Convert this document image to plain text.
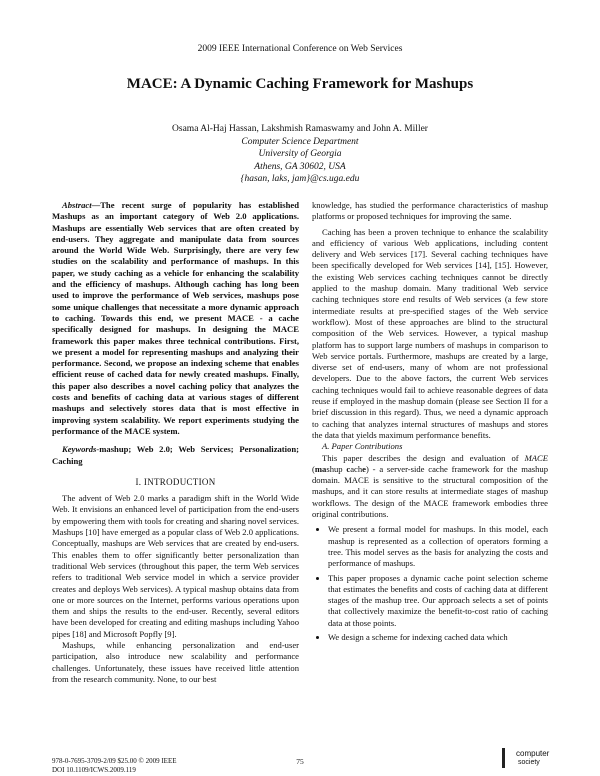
2009 IEEE International Conference on Web Services
MACE: A Dynamic Caching Framework for Mashups
Osama Al-Haj Hassan, Lakshmish Ramaswamy and John A. Miller
Computer Science Department
University of Georgia
Athens, GA 30602, USA
{hasan, laks, jam}@cs.uga.edu

Abstract—The recent surge of popularity has established Mashups as an important category of Web 2.0 applications. Mashups are essentially Web services that are often created by end-users. They aggregate and manipulate data from sources around the World Wide Web. Surprisingly, there are very few studies on the scalability and performance of mashups. In this paper, we study caching as a vehicle for enhancing the scalability and the efficiency of mashups. Although caching has long been used to improve the performance of Web services, mashups pose some unique challenges that necessitate a more dynamic approach to caching. Towards this end, we present MACE - a cache specifically designed for mashups. In designing the MACE framework this paper makes three technical contributions. First, we present a model for representing mashups and analyzing their performance. Second, we propose an indexing scheme that enables efficient reuse of cached data for newly created mashups. Finally, this paper also describes a novel caching policy that analyzes the costs and benefits of caching data at various stages of different mashups and selectively stores data that is most effective in improving system scalability. We report experiments studying the performance of the MACE system.

Keywords-mashup; Web 2.0; Web Services; Personalization; Caching

I. INTRODUCTION

The advent of Web 2.0 marks a paradigm shift in the World Wide Web. It envisions an enhanced level of participation from the end-users by empowering them with tools for creating and sharing novel services. Mashups [10] have emerged as a popular class of Web 2.0 applications. Conceptually, mashups are Web services that are created by end-users. This enables them to offer significantly better personalization than traditional Web services (throughout this paper, the term Web services refers to traditional Web service model in which a service provider creates and deploys Web services). A typical mashup obtains data from one or more sources on the Internet, performs various operations upon them and ships the results to the end-user. Recently, several editors have been developed for creating and editing mashups including Yahoo pipes [18] and Microsoft Popfly [9].

Mashups, while enhancing personalization and end-user participation, also introduce new scalability and performance challenges. Unfortunately, these issues have received little attention from the research community. None, to our best

knowledge, has studied the performance characteristics of mashup platforms or proposed techniques for improving the same.

Caching has been a proven technique to enhance the scalability and efficiency of various Web applications, including content delivery and Web services [17]. Several caching techniques have been specifically developed for Web services [14], [15]. However, the existing Web services caching techniques cannot be directly applied to the mashup domain. Many traditional Web service caching techniques store end results of Web services (a few store intermediate results at pre-specified stages of the Web service workflow). Most of these approaches are blind to the structural composition of the Web services. However, a typical mashup platform has to support large numbers of mashups in comparison to Web service portals. Furthermore, mashups are created by a large, diverse set of end-users, many of whom are not professional developers. Due to the above factors, the current Web services caching techniques would fail to achieve reasonable degrees of data reuse if employed in the mashup domain (please see Section II for a brief discussion in this regard). Thus, we need a dynamic approach to caching that analyzes internal structures of mashups and stores the data that yields maximum performance benefits.

A. Paper Contributions

This paper describes the design and evaluation of MACE (mashup cache) - a server-side cache framework for the mashup domain. MACE is sensitive to the structural composition of the mashups, and it can store results at intermediate stages of mashup workflows. The design of the MACE framework embodies three original contributions.

• We present a formal model for mashups. In this model, each mashup is represented as a collection of operators forming a tree. This model serves as the basis for analyzing the costs and performance of mashups.
• This paper proposes a dynamic cache point selection scheme that estimates the benefits and costs of caching data at different stages of the mashup tree. Our approach selects a set of points that collectively maximize the benefit-to-cost ratio of caching data at those points.
• We design a scheme for indexing cached data which
978-0-7695-3709-2/09 $25.00 © 2009 IEEE
DOI 10.1109/ICWS.2009.119
75
computer
society
